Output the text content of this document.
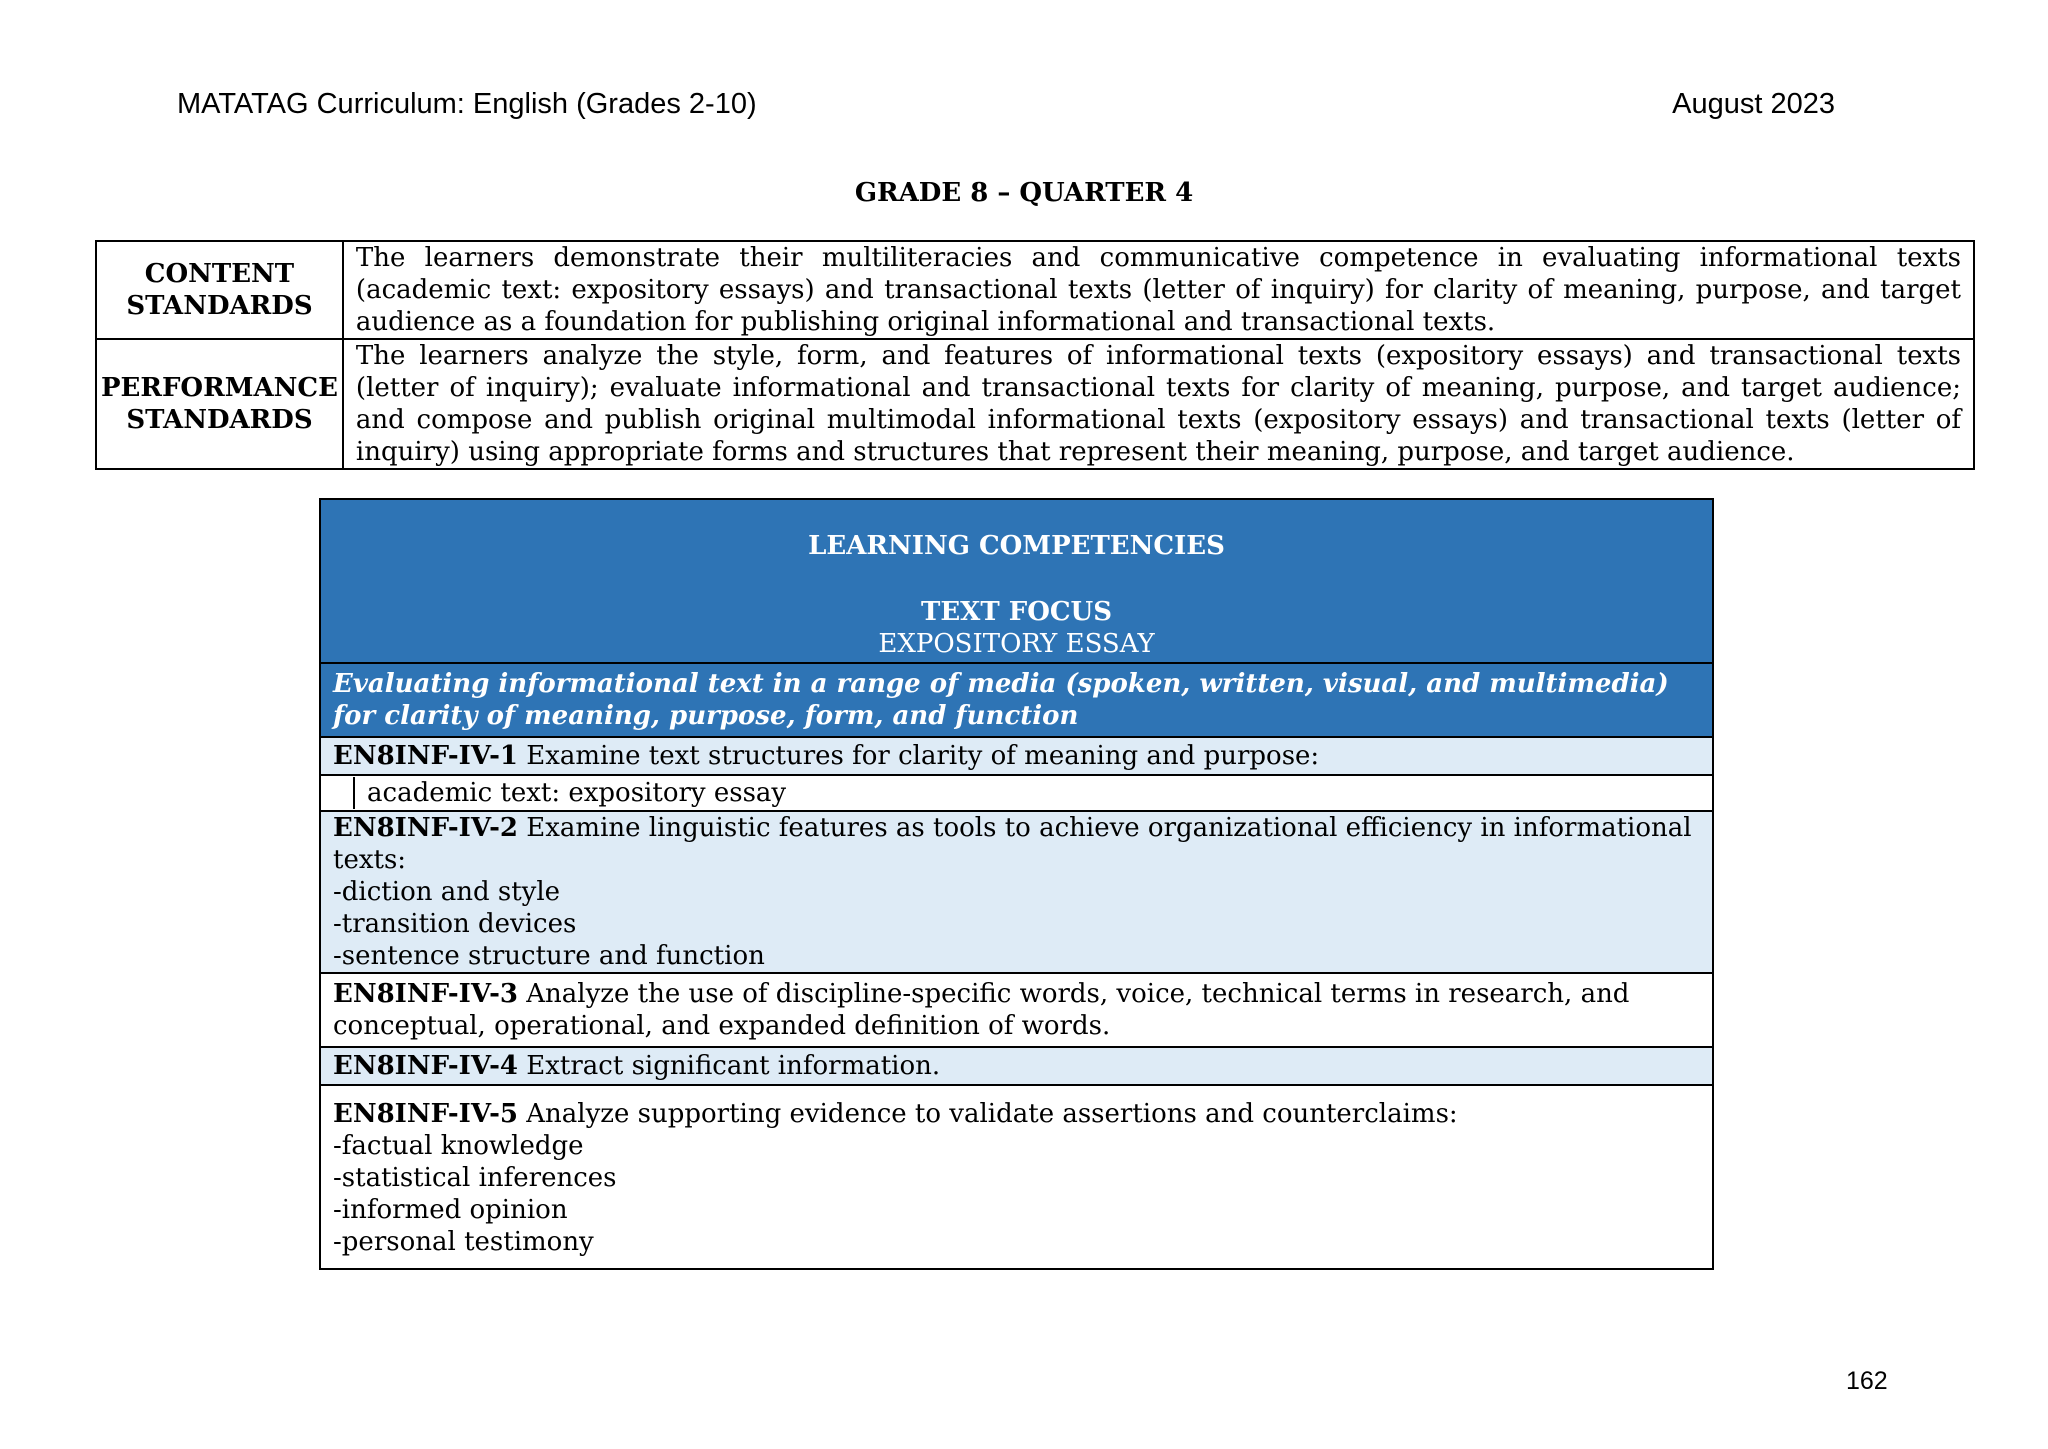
MATATAG Curriculum: English (Grades 2-10)	August 2023
GRADE 8 – QUARTER 4
CONTENT
STANDARDS	The learners demonstrate their multiliteracies and communicative competence in evaluating informational texts (academic text: expository essays) and transactional texts (letter of inquiry) for clarity of meaning, purpose, and target audience as a foundation for publishing original informational and transactional texts.

PERFORMANCE
STANDARDS	The learners analyze the style, form, and features of informational texts (expository essays) and transactional texts (letter of inquiry); evaluate informational and transactional texts for clarity of meaning, purpose, and target audience; and compose and publish original multimodal informational texts (expository essays) and transactional texts (letter of inquiry) using appropriate forms and structures that represent their meaning, purpose, and target audience.
LEARNING COMPETENCIES
TEXT FOCUS
EXPOSITORY ESSAY

Evaluating informational text in a range of media (spoken, written, visual, and multimedia)
for clarity of meaning, purpose, form, and function

EN8INF-IV-1 Examine text structures for clarity of meaning and purpose:

academic text: expository essay

EN8INF-IV-2 Examine linguistic features as tools to achieve organizational efficiency in informational texts:
-diction and style
-transition devices
-sentence structure and function

EN8INF-IV-3 Analyze the use of discipline-specific words, voice, technical terms in research, and conceptual, operational, and expanded definition of words.
EN8INF-IV-4 Extract significant information.

EN8INF-IV-5 Analyze supporting evidence to validate assertions and counterclaims:
-factual knowledge
-statistical inferences
-informed opinion
-personal testimony
162
